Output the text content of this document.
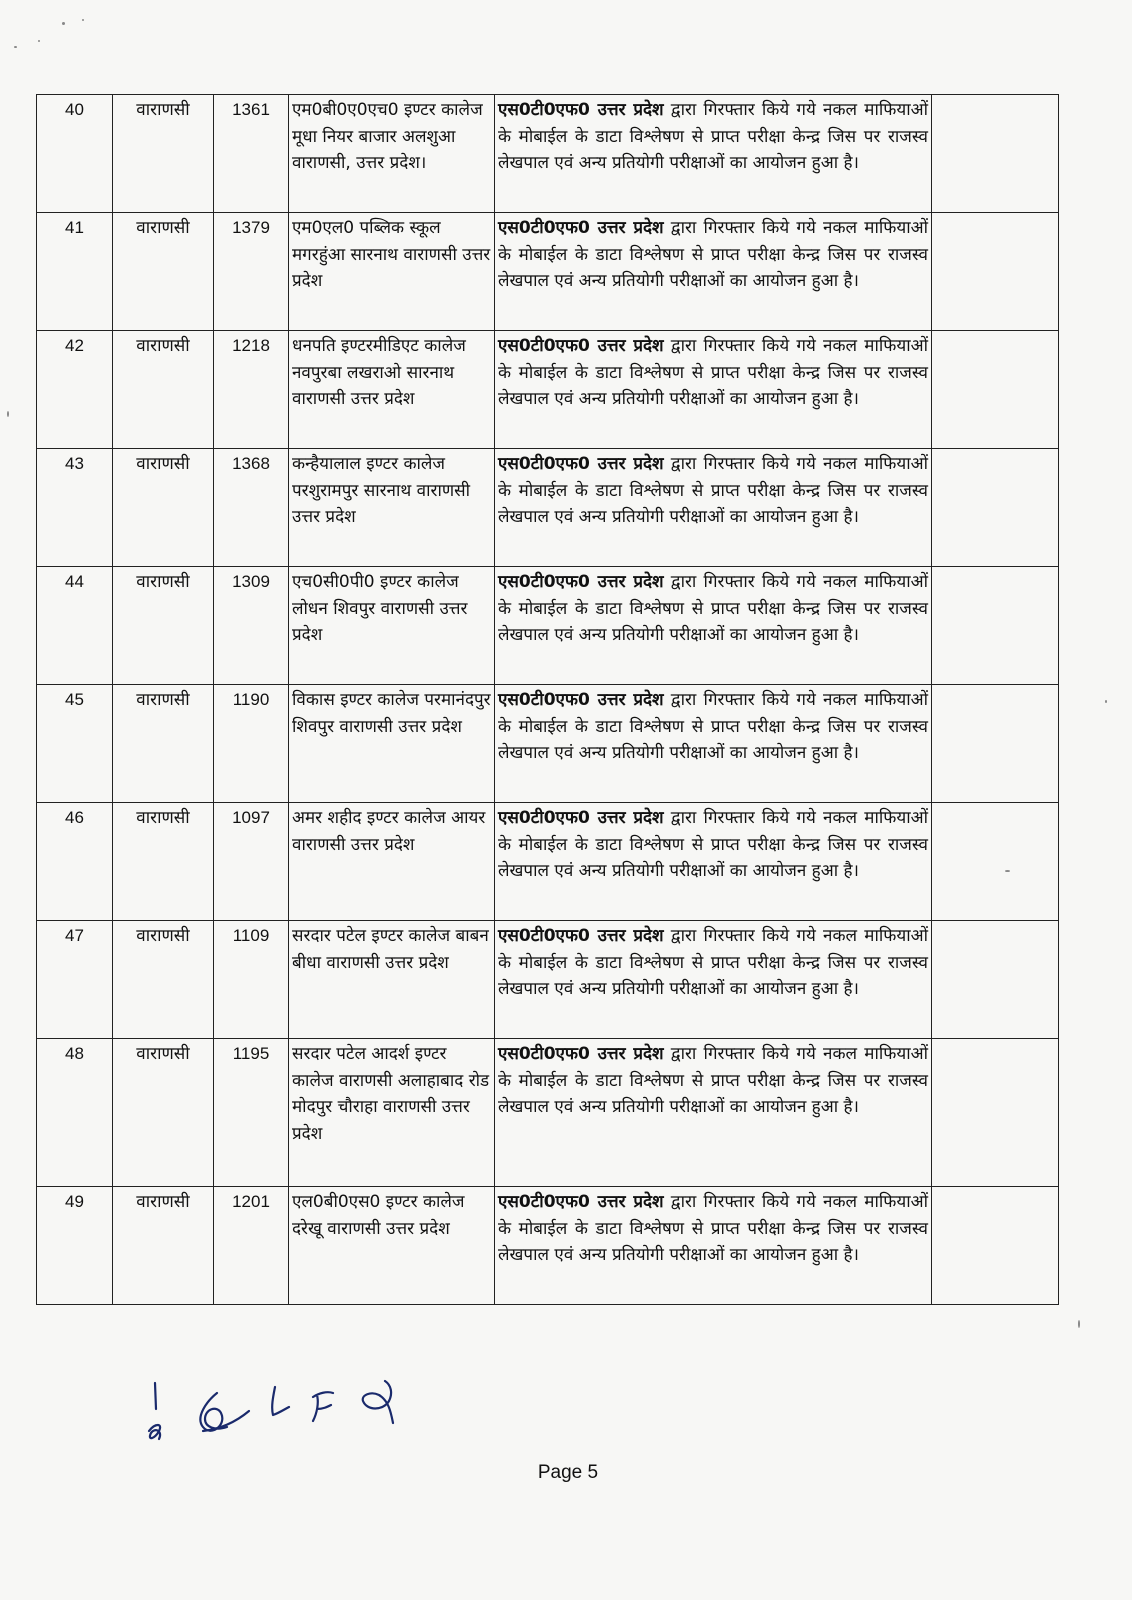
40	वाराणसी	1361	एम0बी0ए0एच0 इण्टर कालेज मूधा नियर बाजार अलशुआ वाराणसी, उत्तर प्रदेश।	एस0टी0एफ0 उत्तर प्रदेश द्वारा गिरफ्तार किये गये नकल माफियाओं के मोबाईल के डाटा विश्लेषण से प्राप्त परीक्षा केन्द्र जिस पर राजस्व लेखपाल एवं अन्य प्रतियोगी परीक्षाओं का आयोजन हुआ है।	
41	वाराणसी	1379	एम0एल0 पब्लिक स्कूल मगरहुंआ सारनाथ वाराणसी उत्तर प्रदेश	एस0टी0एफ0 उत्तर प्रदेश द्वारा गिरफ्तार किये गये नकल माफियाओं के मोबाईल के डाटा विश्लेषण से प्राप्त परीक्षा केन्द्र जिस पर राजस्व लेखपाल एवं अन्य प्रतियोगी परीक्षाओं का आयोजन हुआ है।	
42	वाराणसी	1218	धनपति इण्टरमीडिएट कालेज नवपुरबा लखराओ सारनाथ वाराणसी उत्तर प्रदेश	एस0टी0एफ0 उत्तर प्रदेश द्वारा गिरफ्तार किये गये नकल माफियाओं के मोबाईल के डाटा विश्लेषण से प्राप्त परीक्षा केन्द्र जिस पर राजस्व लेखपाल एवं अन्य प्रतियोगी परीक्षाओं का आयोजन हुआ है।	
43	वाराणसी	1368	कन्हैयालाल इण्टर कालेज परशुरामपुर सारनाथ वाराणसी उत्तर प्रदेश	एस0टी0एफ0 उत्तर प्रदेश द्वारा गिरफ्तार किये गये नकल माफियाओं के मोबाईल के डाटा विश्लेषण से प्राप्त परीक्षा केन्द्र जिस पर राजस्व लेखपाल एवं अन्य प्रतियोगी परीक्षाओं का आयोजन हुआ है।	
44	वाराणसी	1309	एच0सी0पी0 इण्टर कालेज लोधन शिवपुर वाराणसी उत्तर प्रदेश	एस0टी0एफ0 उत्तर प्रदेश द्वारा गिरफ्तार किये गये नकल माफियाओं के मोबाईल के डाटा विश्लेषण से प्राप्त परीक्षा केन्द्र जिस पर राजस्व लेखपाल एवं अन्य प्रतियोगी परीक्षाओं का आयोजन हुआ है।	
45	वाराणसी	1190	विकास इण्टर कालेज परमानंदपुर शिवपुर वाराणसी उत्तर प्रदेश	एस0टी0एफ0 उत्तर प्रदेश द्वारा गिरफ्तार किये गये नकल माफियाओं के मोबाईल के डाटा विश्लेषण से प्राप्त परीक्षा केन्द्र जिस पर राजस्व लेखपाल एवं अन्य प्रतियोगी परीक्षाओं का आयोजन हुआ है।	
46	वाराणसी	1097	अमर शहीद इण्टर कालेज आयर वाराणसी उत्तर प्रदेश	एस0टी0एफ0 उत्तर प्रदेश द्वारा गिरफ्तार किये गये नकल माफियाओं के मोबाईल के डाटा विश्लेषण से प्राप्त परीक्षा केन्द्र जिस पर राजस्व लेखपाल एवं अन्य प्रतियोगी परीक्षाओं का आयोजन हुआ है।	
47	वाराणसी	1109	सरदार पटेल इण्टर कालेज बाबन बीधा वाराणसी उत्तर प्रदेश	एस0टी0एफ0 उत्तर प्रदेश द्वारा गिरफ्तार किये गये नकल माफियाओं के मोबाईल के डाटा विश्लेषण से प्राप्त परीक्षा केन्द्र जिस पर राजस्व लेखपाल एवं अन्य प्रतियोगी परीक्षाओं का आयोजन हुआ है।	
48	वाराणसी	1195	सरदार पटेल आदर्श इण्टर कालेज वाराणसी अलाहाबाद रोड मोदपुर चौराहा वाराणसी उत्तर प्रदेश	एस0टी0एफ0 उत्तर प्रदेश द्वारा गिरफ्तार किये गये नकल माफियाओं के मोबाईल के डाटा विश्लेषण से प्राप्त परीक्षा केन्द्र जिस पर राजस्व लेखपाल एवं अन्य प्रतियोगी परीक्षाओं का आयोजन हुआ है।	
49	वाराणसी	1201	एल0बी0एस0 इण्टर कालेज दरेखू वाराणसी उत्तर प्रदेश	एस0टी0एफ0 उत्तर प्रदेश द्वारा गिरफ्तार किये गये नकल माफियाओं के मोबाईल के डाटा विश्लेषण से प्राप्त परीक्षा केन्द्र जिस पर राजस्व लेखपाल एवं अन्य प्रतियोगी परीक्षाओं का आयोजन हुआ है।	
Page 5
